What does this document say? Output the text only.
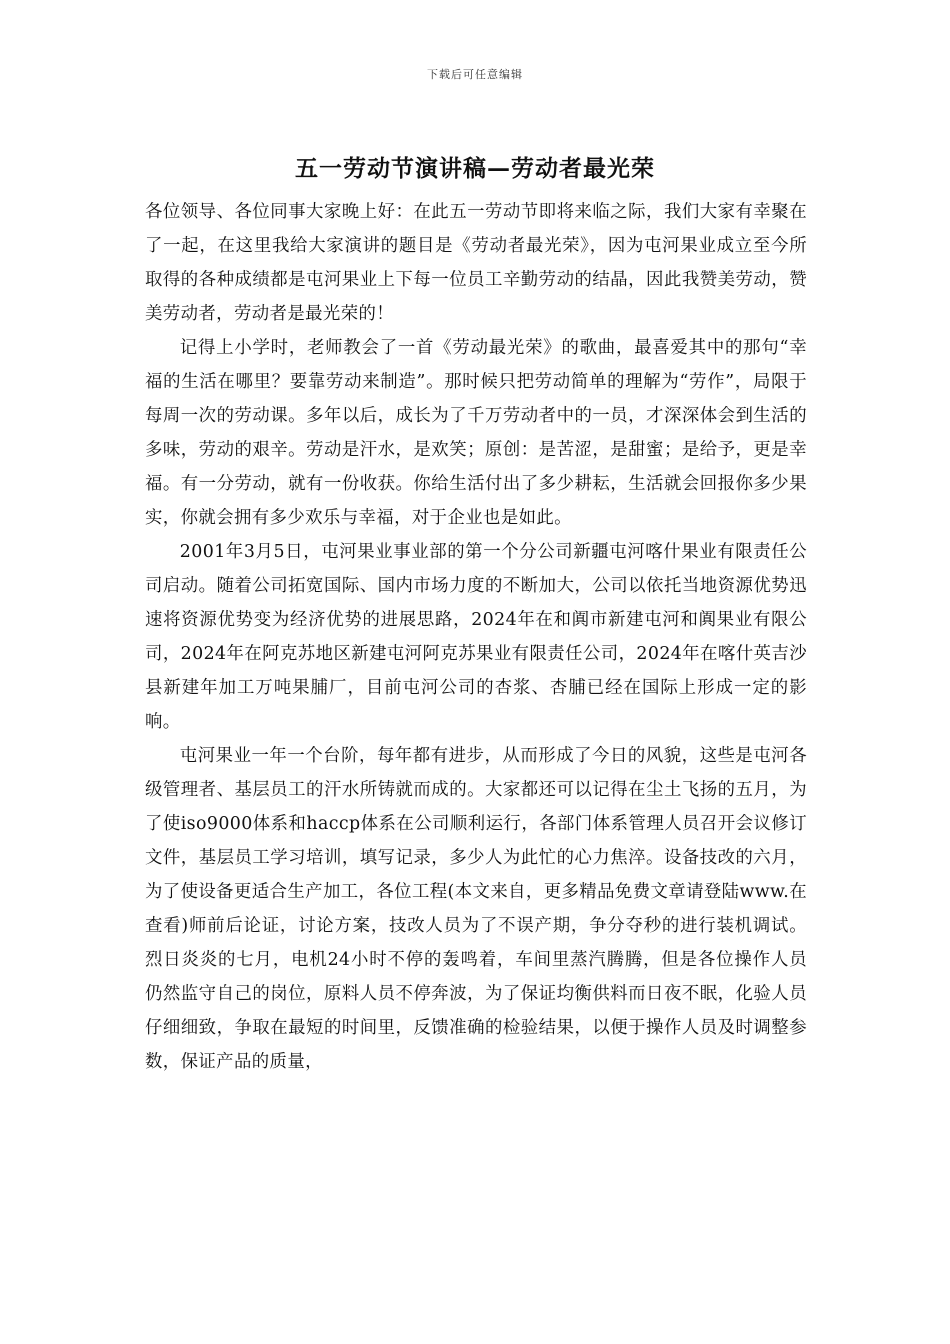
下载后可任意编辑
五一劳动节演讲稿—劳动者最光荣

各位领导、各位同事大家晚上好：在此五一劳动节即将来临之际，我们大家有幸聚在了一起，在这里我给大家演讲的题目是《劳动者最光荣》，因为屯河果业成立至今所取得的各种成绩都是屯河果业上下每一位员工辛勤劳动的结晶，因此我赞美劳动，赞美劳动者，劳动者是最光荣的！

记得上小学时，老师教会了一首《劳动最光荣》的歌曲，最喜爱其中的那句“幸福的生活在哪里？要靠劳动来制造”。那时候只把劳动简单的理解为“劳作”，局限于每周一次的劳动课。多年以后，成长为了千万劳动者中的一员，才深深体会到生活的多味，劳动的艰辛。劳动是汗水，是欢笑；原创：是苦涩，是甜蜜；是给予，更是幸福。有一分劳动，就有一份收获。你给生活付出了多少耕耘，生活就会回报你多少果实，你就会拥有多少欢乐与幸福，对于企业也是如此。

2001年3月5日，屯河果业事业部的第一个分公司新疆屯河喀什果业有限责任公司启动。随着公司拓宽国际、国内市场力度的不断加大，公司以依托当地资源优势迅速将资源优势变为经济优势的进展思路，2024年在和阗市新建屯河和阗果业有限公司，2024年在阿克苏地区新建屯河阿克苏果业有限责任公司，2024年在喀什英吉沙县新建年加工万吨果脯厂，目前屯河公司的杏浆、杏脯已经在国际上形成一定的影响。

屯河果业一年一个台阶，每年都有进步，从而形成了今日的风貌，这些是屯河各级管理者、基层员工的汗水所铸就而成的。大家都还可以记得在尘土飞扬的五月，为了使iso9000体系和haccp体系在公司顺利运行，各部门体系管理人员召开会议修订文件，基层员工学习培训，填写记录，多少人为此忙的心力焦淬。设备技改的六月，为了使设备更适合生产加工，各位工程(本文来自，更多精品免费文章请登陆www.在查看)师前后论证，讨论方案，技改人员为了不误产期，争分夺秒的进行装机调试。烈日炎炎的七月，电机24小时不停的轰鸣着，车间里蒸汽腾腾，但是各位操作人员仍然监守自己的岗位，原料人员不停奔波，为了保证均衡供料而日夜不眠，化验人员仔细细致，争取在最短的时间里，反馈准确的检验结果，以便于操作人员及时调整参数，保证产品的质量，
